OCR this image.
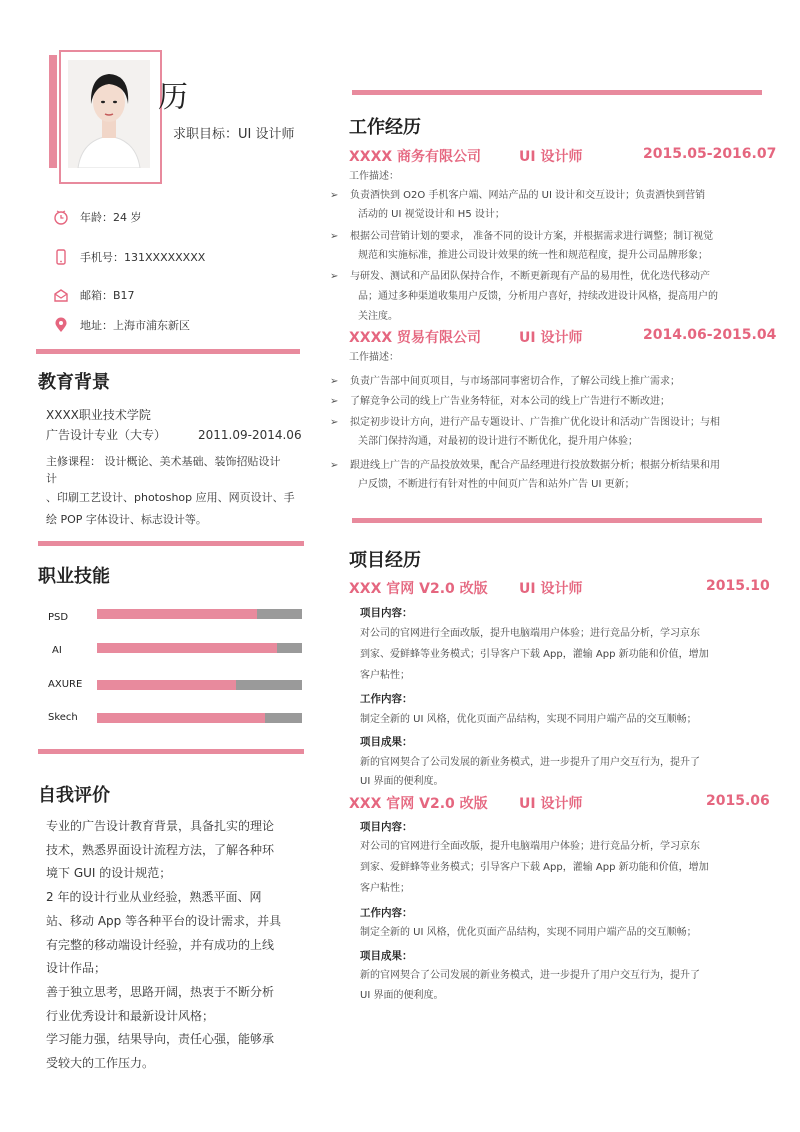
历
求职目标：UI 设计师
年龄：24 岁
手机号：131XXXXXXXX
邮箱：B17
地址：上海市浦东新区
教育背景
XXXX职业技术学院
广告设计专业（大专）	2011.09-2014.06
主修课程： 设计概论、美术基础、装饰招贴设计
计
、印刷工艺设计、photoshop 应用、网页设计、手
绘 POP 字体设计、标志设计等。
职业技能
PSD
AI
AXURE
Skech
自我评价
专业的广告设计教育背景，具备扎实的理论
技术，熟悉界面设计流程方法，了解各种环
境下 GUI 的设计规范；
2 年的设计行业从业经验，熟悉平面、网
站、移动 App 等各种平台的设计需求，并具
有完整的移动端设计经验，并有成功的上线
设计作品；
善于独立思考，思路开阔，热衷于不断分析
行业优秀设计和最新设计风格；
学习能力强，结果导向，责任心强，能够承
受较大的工作压力。
工作经历
XXXX 商务有限公司	UI 设计师	2015.05-2016.07
工作描述：
➢ 负责酒快到 O2O 手机客户端、网站产品的 UI 设计和交互设计；负责酒快到营销
活动的 UI 视觉设计和 H5 设计；
➢ 根据公司营销计划的要求， 准备不同的设计方案，并根据需求进行调整；制订视觉
规范和实施标准，推进公司设计效果的统一性和规范程度，提升公司品牌形象；
➢ 与研发、测试和产品团队保持合作，不断更新现有产品的易用性，优化迭代移动产
品；通过多种渠道收集用户反馈，分析用户喜好，持续改进设计风格，提高用户的
关注度。
XXXX 贸易有限公司	UI 设计师	2014.06-2015.04
工作描述：
➢ 负责广告部中间页项目，与市场部同事密切合作，了解公司线上推广需求；
➢ 了解竞争公司的线上广告业务特征，对本公司的线上广告进行不断改进；
➢ 拟定初步设计方向，进行产品专题设计、广告推广优化设计和活动广告图设计；与相
关部门保持沟通，对最初的设计进行不断优化，提升用户体验；
➢ 跟进线上广告的产品投放效果，配合产品经理进行投放数据分析；根据分析结果和用
户反馈，不断进行有针对性的中间页广告和站外广告 UI 更新；
项目经历
XXX 官网 V2.0 改版 UI 设计师	2015.10
项目内容：
对公司的官网进行全面改版，提升电脑端用户体验；进行竞品分析，学习京东
到家、爱鲜蜂等业务模式；引导客户下载 App，灌输 App 新功能和价值，增加
客户粘性；
工作内容：
制定全新的 UI 风格，优化页面产品结构，实现不同用户端产品的交互顺畅；
项目成果：
新的官网契合了公司发展的新业务模式，进一步提升了用户交互行为，提升了
UI 界面的便利度。
XXX 官网 V2.0 改版 UI 设计师	2015.06
项目内容：
对公司的官网进行全面改版，提升电脑端用户体验；进行竞品分析，学习京东
到家、爱鲜蜂等业务模式；引导客户下载 App，灌输 App 新功能和价值，增加
客户粘性；
工作内容：
制定全新的 UI 风格，优化页面产品结构，实现不同用户端产品的交互顺畅；
项目成果：
新的官网契合了公司发展的新业务模式，进一步提升了用户交互行为，提升了
UI 界面的便利度。
